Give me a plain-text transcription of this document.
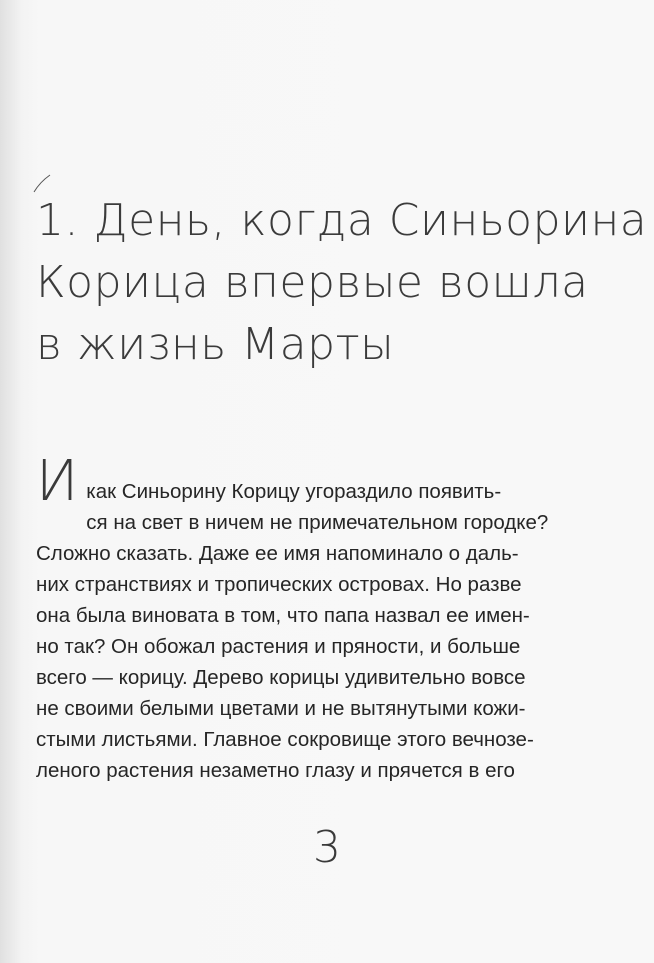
1. День, когда Синьорина
Корица впервые вошла
в жизнь Марты
И как Синьорину Корицу угораздило появить-
ся на свет в ничем не примечательном городке?
Сложно сказать. Даже ее имя напоминало о даль-
них странствиях и тропических островах. Но разве
она была виновата в том, что папа назвал ее имен-
но так? Он обожал растения и пряности, и больше
всего — корицу. Дерево корицы удивительно вовсе
не своими белыми цветами и не вытянутыми кожи-
стыми листьями. Главное сокровище этого вечнозе-
леного растения незаметно глазу и прячется в его
3
